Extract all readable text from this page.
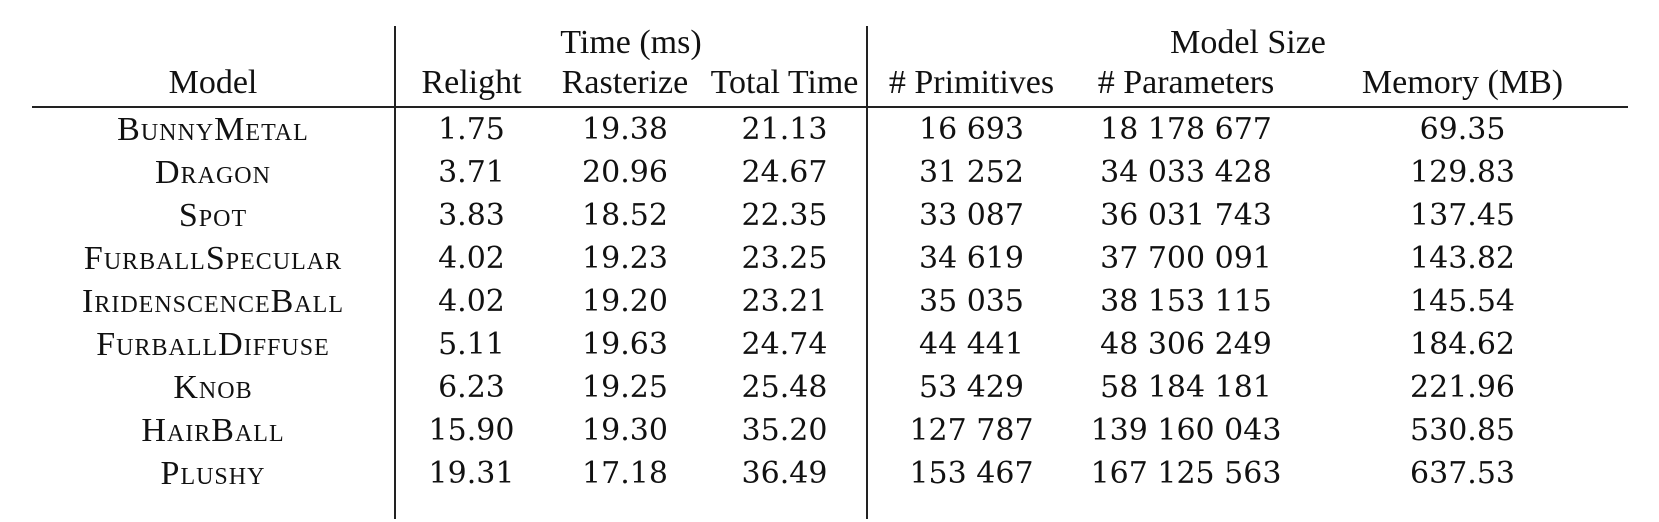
	Time (ms)			Model Size		
Model	Relight	Rasterize	Total Time	# Primitives	# Parameters	Memory (MB)
BunnyMetal	1.75	19.38	21.13	16 693	18 178 677	69.35
Dragon	3.71	20.96	24.67	31 252	34 033 428	129.83
Spot	3.83	18.52	22.35	33 087	36 031 743	137.45
FurballSpecular	4.02	19.23	23.25	34 619	37 700 091	143.82
IridenscenceBall	4.02	19.20	23.21	35 035	38 153 115	145.54
FurballDiffuse	5.11	19.63	24.74	44 441	48 306 249	184.62
Knob	6.23	19.25	25.48	53 429	58 184 181	221.96
HairBall	15.90	19.30	35.20	127 787	139 160 043	530.85
Plushy	19.31	17.18	36.49	153 467	167 125 563	637.53
